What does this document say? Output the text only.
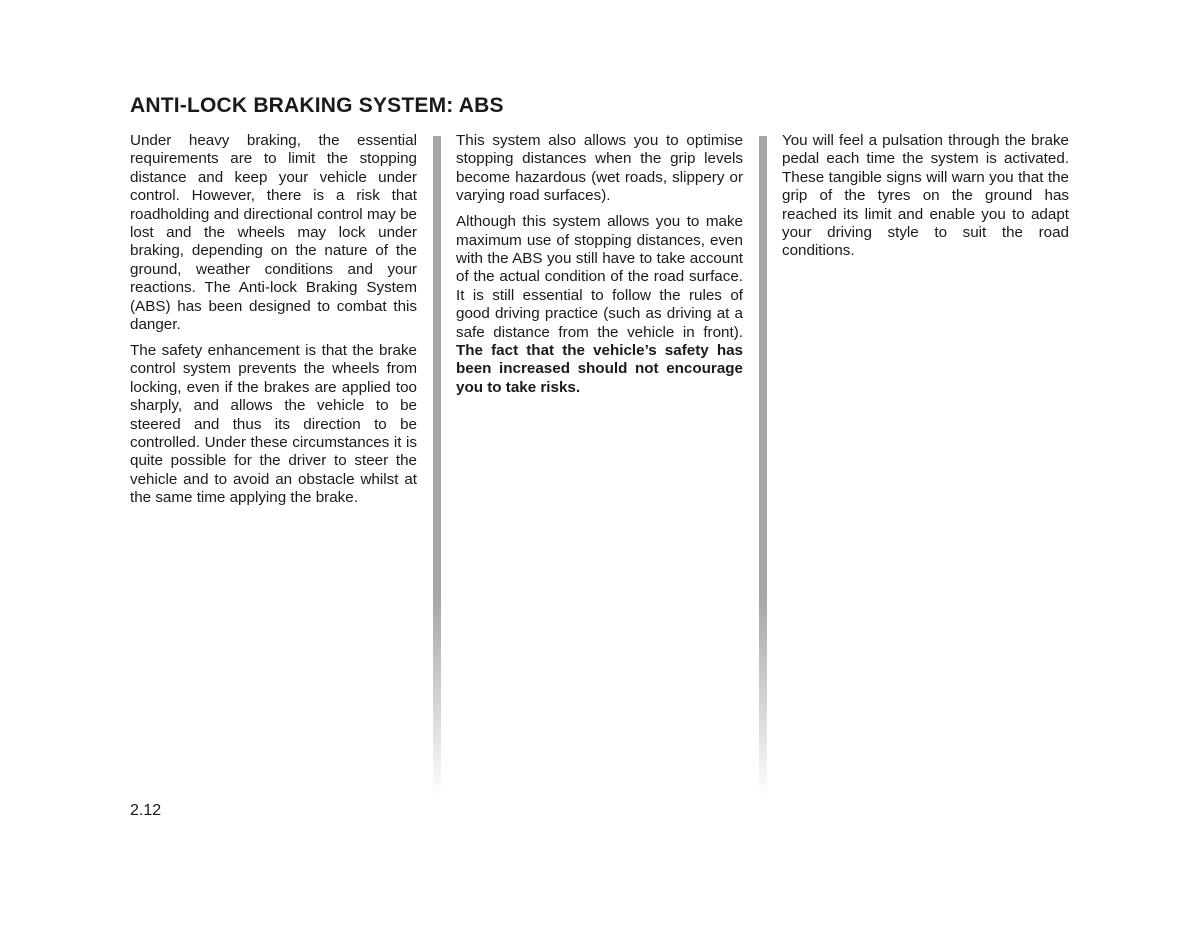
ANTI-LOCK BRAKING SYSTEM: ABS

Under heavy braking, the essential requirements are to limit the stopping distance and keep your vehicle under control. However, there is a risk that roadholding and directional control may be lost and the wheels may lock under braking, depending on the nature of the ground, weather conditions and your reactions. The Anti-lock Braking System (ABS) has been designed to combat this danger.

The safety enhancement is that the brake control system prevents the wheels from locking, even if the brakes are applied too sharply, and allows the vehicle to be steered and thus its direction to be controlled. Under these circumstances it is quite possible for the driver to steer the vehicle and to avoid an obstacle whilst at the same time applying the brake.

This system also allows you to optimise stopping distances when the grip levels become hazardous (wet roads, slippery or varying road surfaces).

Although this system allows you to make maximum use of stopping distances, even with the ABS you still have to take account of the actual condition of the road surface. It is still essential to follow the rules of good driving practice (such as driving at a safe distance from the vehicle in front). The fact that the vehicle’s safety has been increased should not encourage you to take risks.

You will feel a pulsation through the brake pedal each time the system is activated. These tangible signs will warn you that the grip of the tyres on the ground has reached its limit and enable you to adapt your driving style to suit the road conditions.

2.12
